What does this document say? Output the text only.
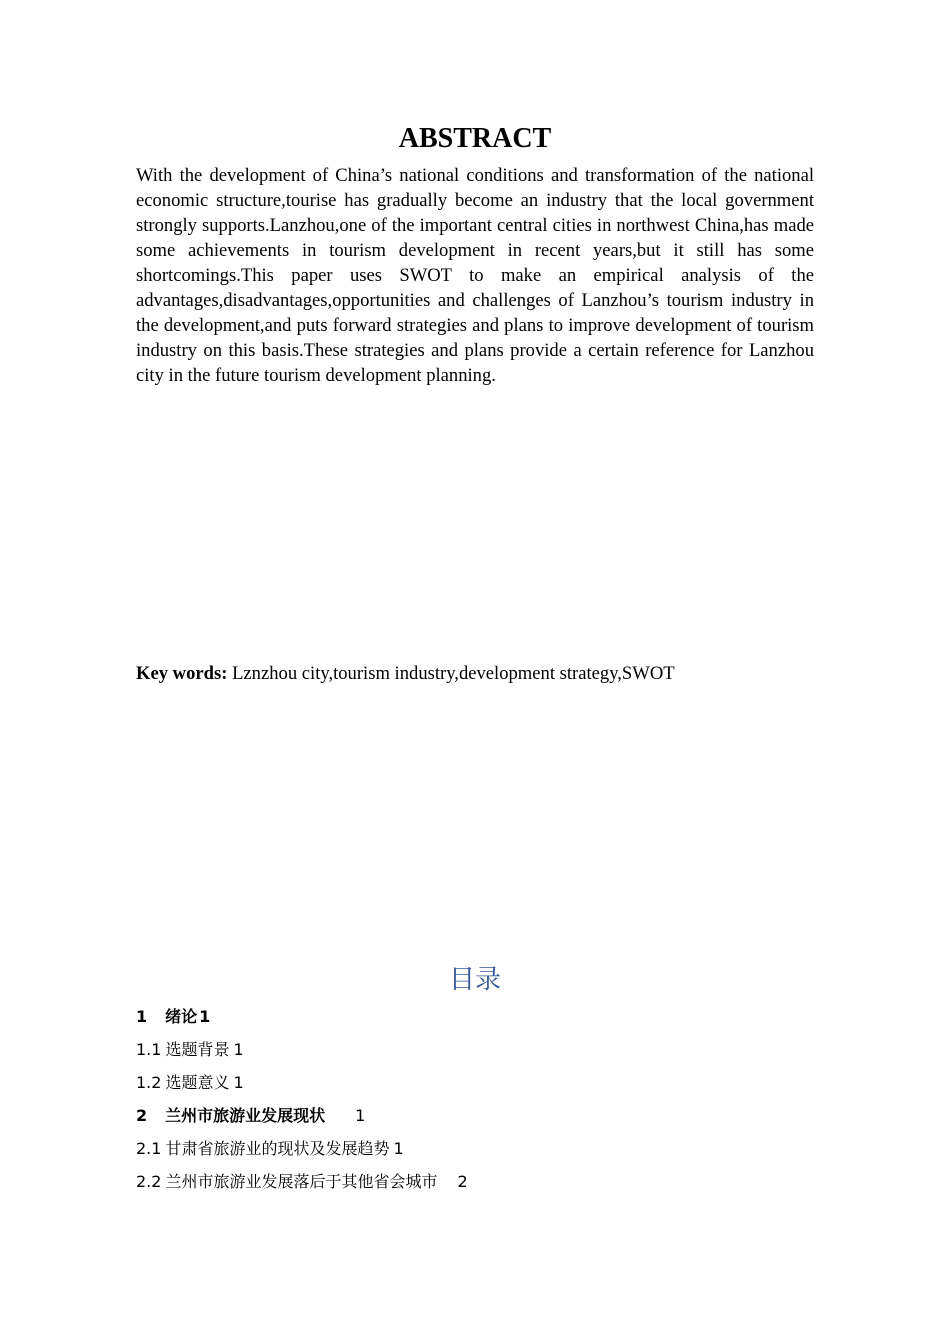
ABSTRACT

With the development of China’s national conditions and transformation of the national economic structure,tourise has gradually become an industry that the local government strongly supports.Lanzhou,one of the important central cities in northwest China,has made some achievements in tourism development in recent years,but it still has some shortcomings.This paper uses SWOT to make an empirical analysis of the advantages,disadvantages,opportunities and challenges of Lanzhou’s tourism industry in the development,and puts forward strategies and plans to improve development of tourism industry on this basis.These strategies and plans provide a certain reference for Lanzhou city in the future tourism development planning.

Key words: Lznzhou city,tourism industry,development strategy,SWOT

目录
1 绪论 1
1.1 选题背景 1
1.2 选题意义 1
2 兰州市旅游业发展现状 1
2.1 甘肃省旅游业的现状及发展趋势 1
2.2 兰州市旅游业发展落后于其他省会城市 2
